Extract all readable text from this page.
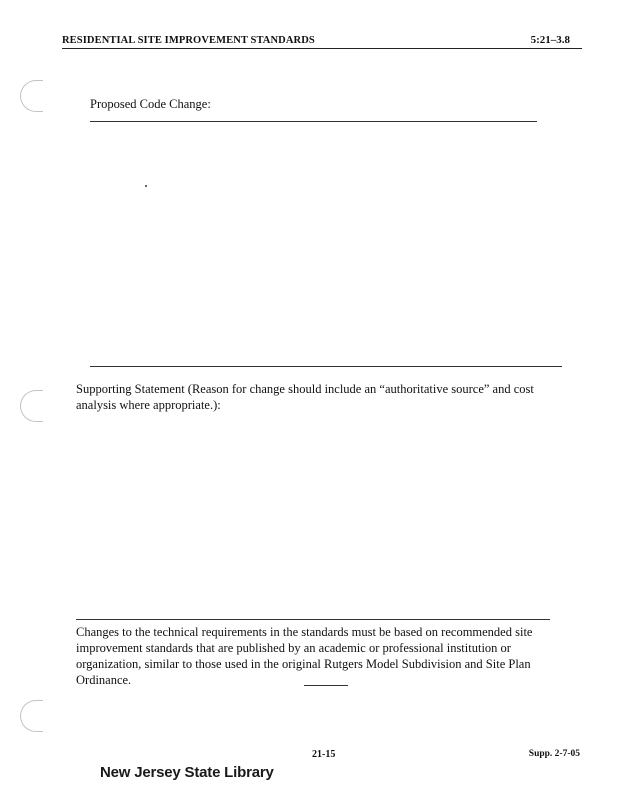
RESIDENTIAL SITE IMPROVEMENT STANDARDS	5:21–3.8
Proposed Code Change:
Supporting Statement (Reason for change should include an “authoritative source” and cost analysis where appropriate.):
Changes to the technical requirements in the standards must be based on recommended site improvement standards that are published by an academic or professional institution or organization, similar to those used in the original Rutgers Model Subdivision and Site Plan Ordinance.
21-15	Supp. 2-7-05
New Jersey State Library
